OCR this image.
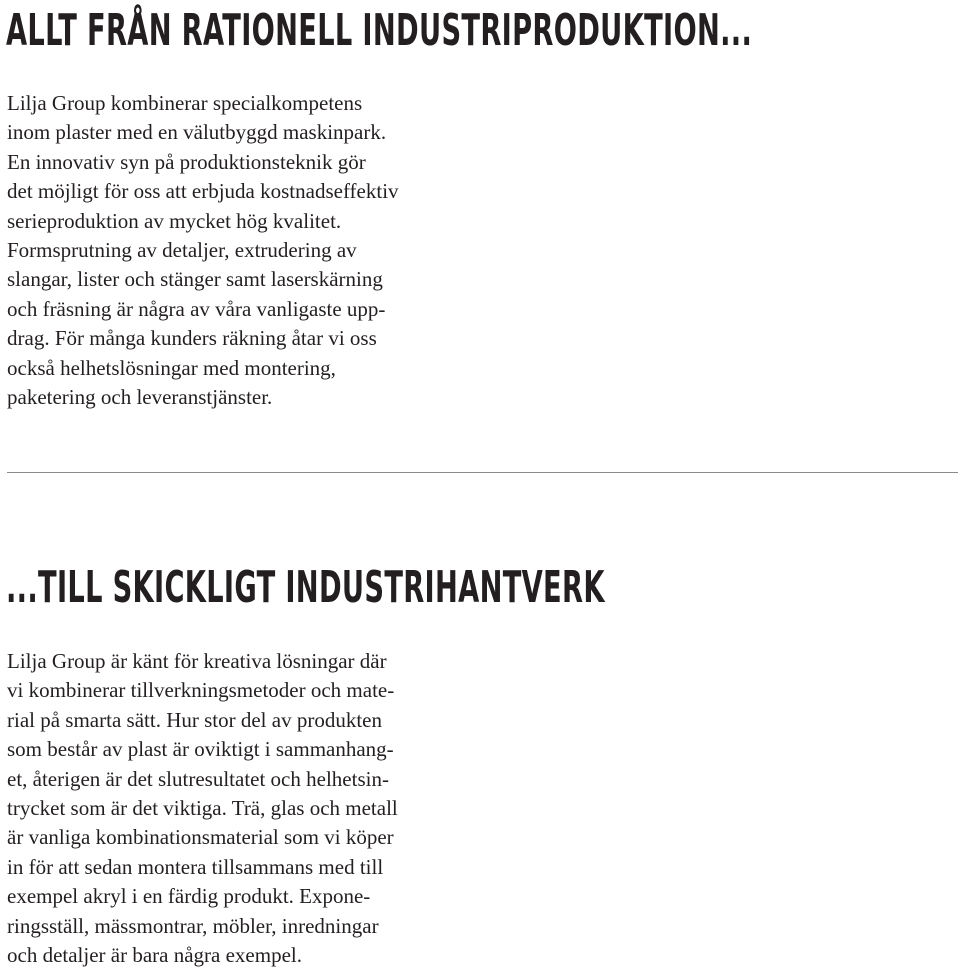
ALLT FRÅN RATIONELL INDUSTRIPRODUKTION...

Lilja Group kombinerar specialkompetens
inom plaster med en välutbyggd maskinpark.
En innovativ syn på produktionsteknik gör
det möjligt för oss att erbjuda kostnadseffektiv
serieproduktion av mycket hög kvalitet.
Formsprutning av detaljer, extrudering av
slangar, lister och stänger samt laserskärning
och fräsning är några av våra vanligaste upp-
drag. För många kunders räkning åtar vi oss
också helhetslösningar med montering,
paketering och leveranstjänster.

...TILL SKICKLIGT INDUSTRIHANTVERK

Lilja Group är känt för kreativa lösningar där
vi kombinerar tillverkningsmetoder och mate-
rial på smarta sätt. Hur stor del av produkten
som består av plast är oviktigt i sammanhang-
et, återigen är det slutresultatet och helhetsin-
trycket som är det viktiga. Trä, glas och metall
är vanliga kombinationsmaterial som vi köper
in för att sedan montera tillsammans med till
exempel akryl i en färdig produkt. Expone-
ringsställ, mässmontrar, möbler, inredningar
och detaljer är bara några exempel.
